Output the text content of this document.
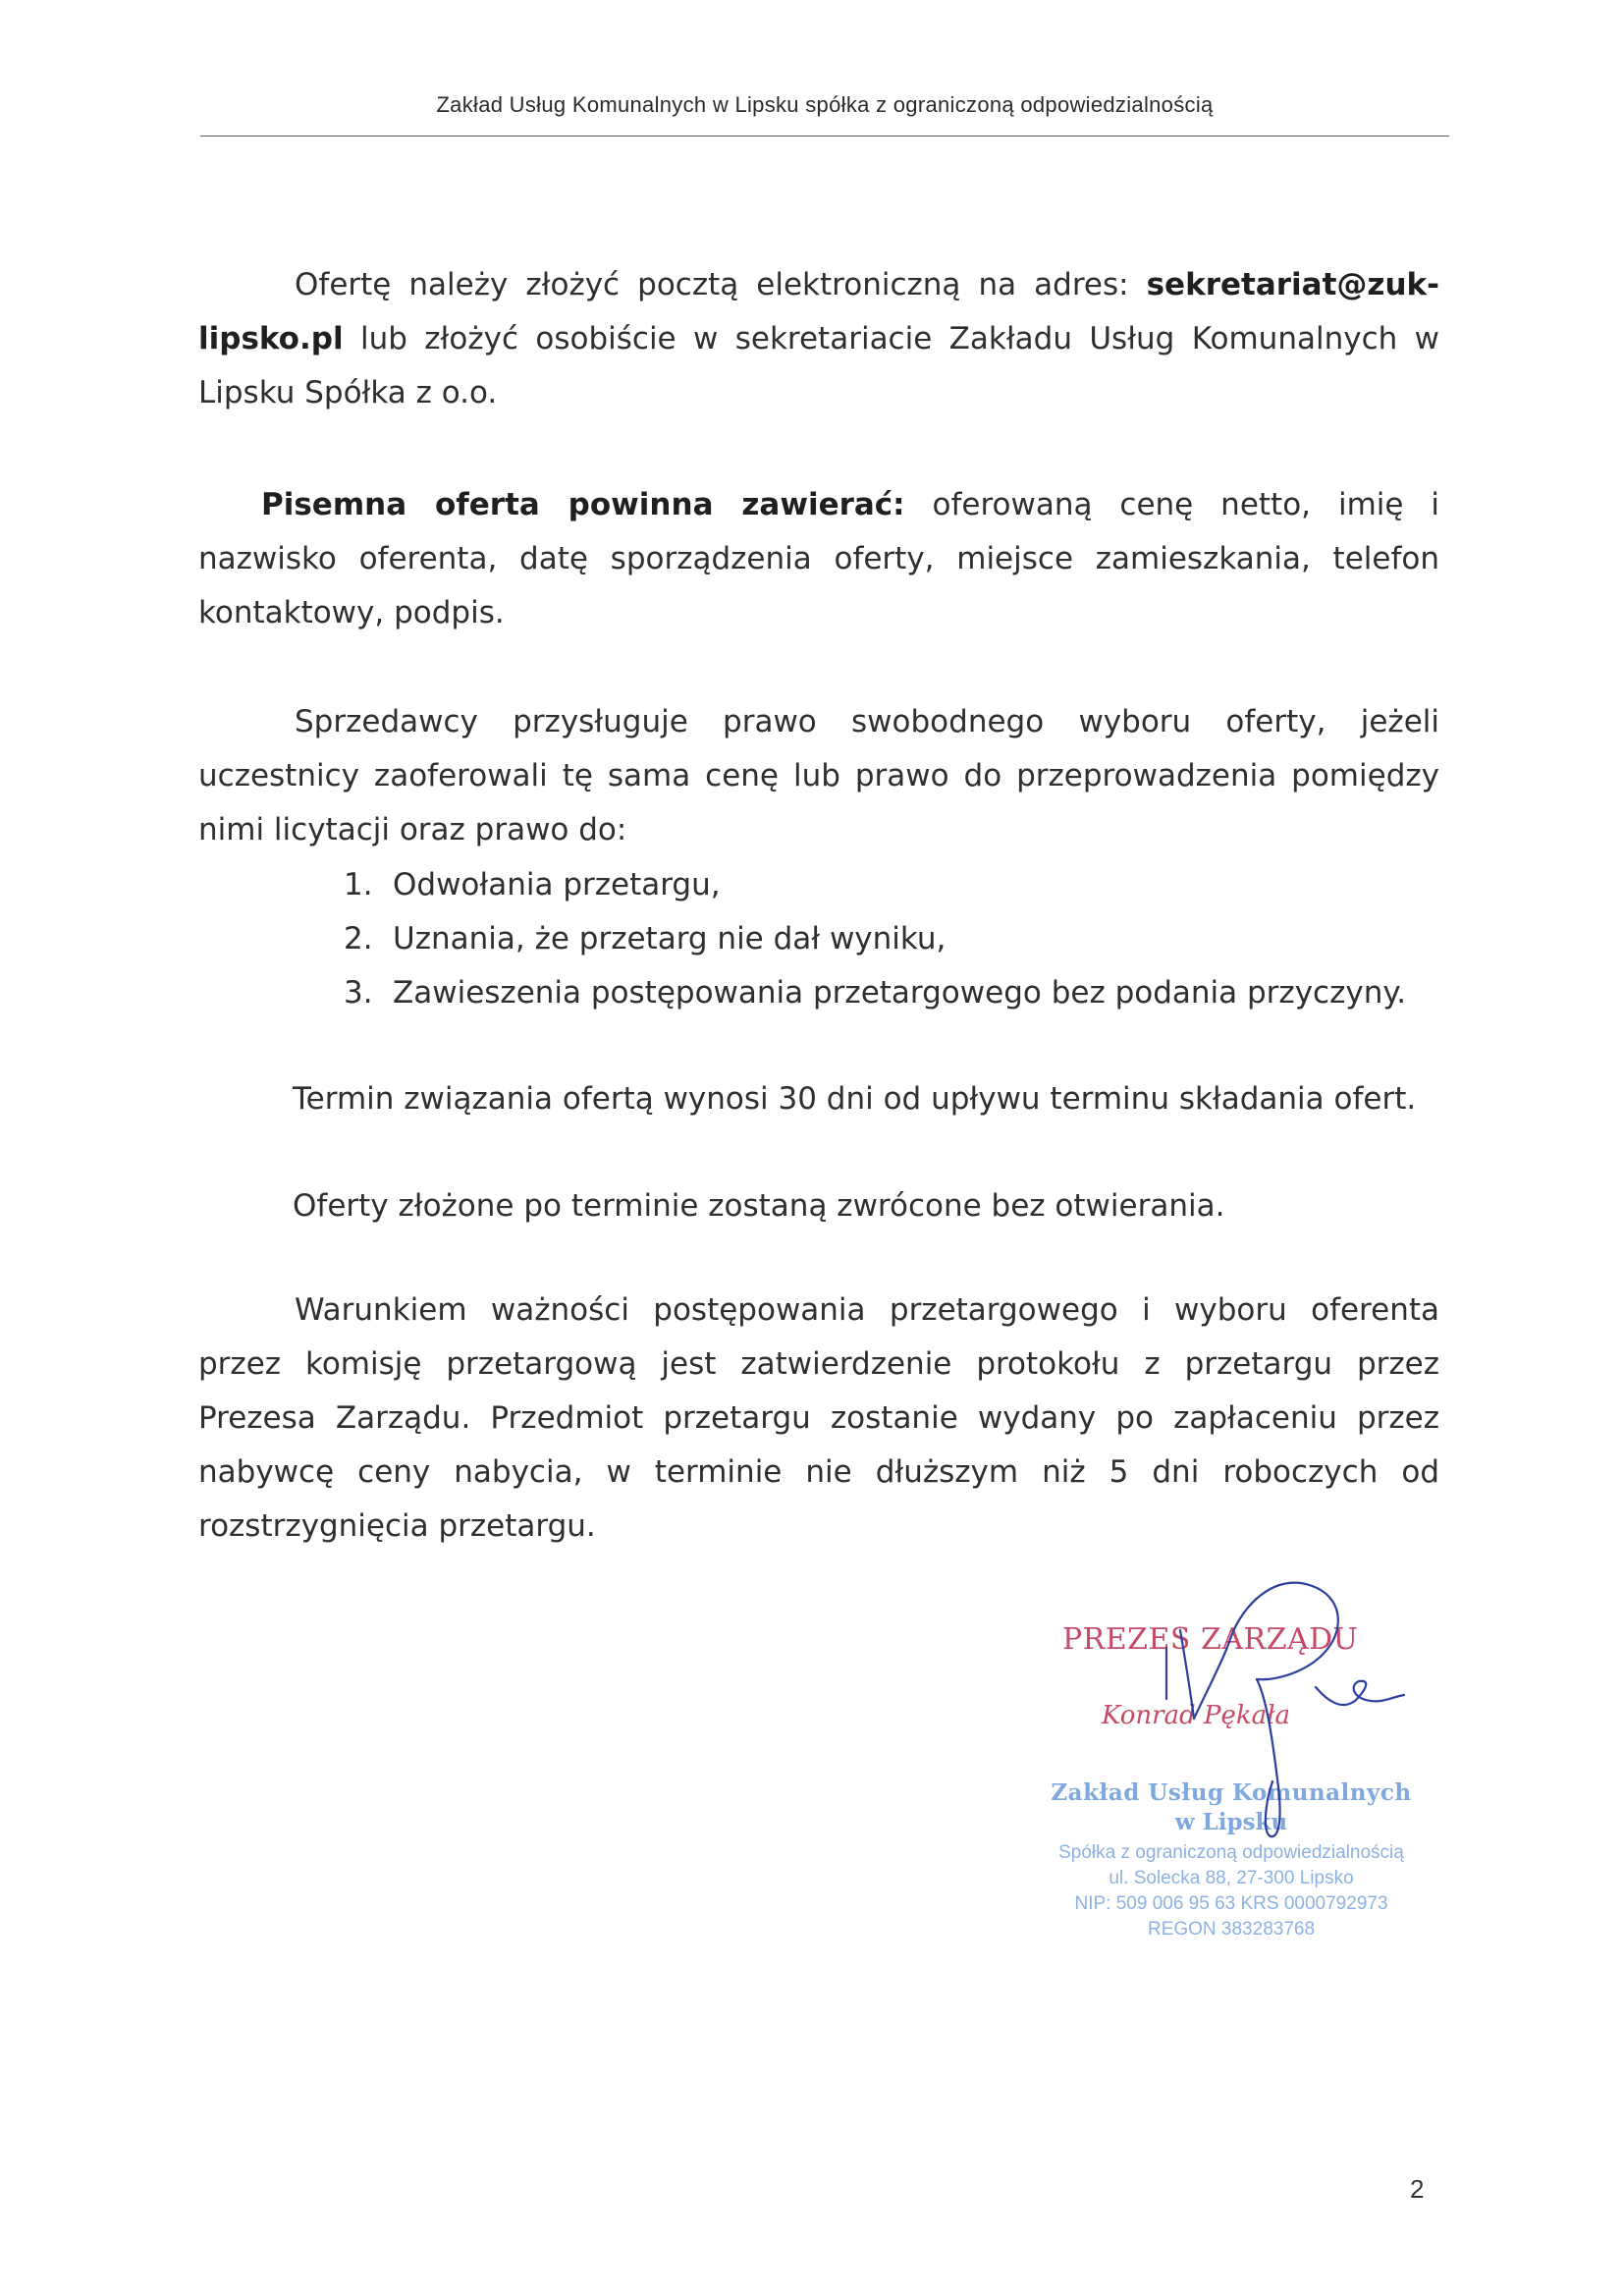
Zakład Usług Komunalnych w Lipsku spółka z ograniczoną odpowiedzialnością

Ofertę należy złożyć pocztą elektroniczną na adres: sekretariat@zuk-lipsko.pl lub złożyć osobiście w sekretariacie Zakładu Usług Komunalnych w Lipsku Spółka z o.o.

Pisemna oferta powinna zawierać: oferowaną cenę netto, imię i nazwisko oferenta, datę sporządzenia oferty, miejsce zamieszkania, telefon kontaktowy, podpis.

Sprzedawcy przysługuje prawo swobodnego wyboru oferty, jeżeli uczestnicy zaoferowali tę sama cenę lub prawo do przeprowadzenia pomiędzy nimi licytacji oraz prawo do:

1. Odwołania przetargu,
2. Uznania, że przetarg nie dał wyniku,
3. Zawieszenia postępowania przetargowego bez podania przyczyny.

Termin związania ofertą wynosi 30 dni od upływu terminu składania ofert.

Oferty złożone po terminie zostaną zwrócone bez otwierania.

Warunkiem ważności postępowania przetargowego i wyboru oferenta przez komisję przetargową jest zatwierdzenie protokołu z przetargu przez Prezesa Zarządu. Przedmiot przetargu zostanie wydany po zapłaceniu przez nabywcę ceny nabycia, w terminie nie dłuższym niż 5 dni roboczych od rozstrzygnięcia przetargu.

PREZES ZARZĄDU
Konrad Pękała
Zakład Usług Komunalnych
w Lipsku
Spółka z ograniczoną odpowiedzialnością
ul. Solecka 88, 27-300 Lipsko
NIP: 509 006 95 63 KRS 0000792973
REGON 383283768
2
